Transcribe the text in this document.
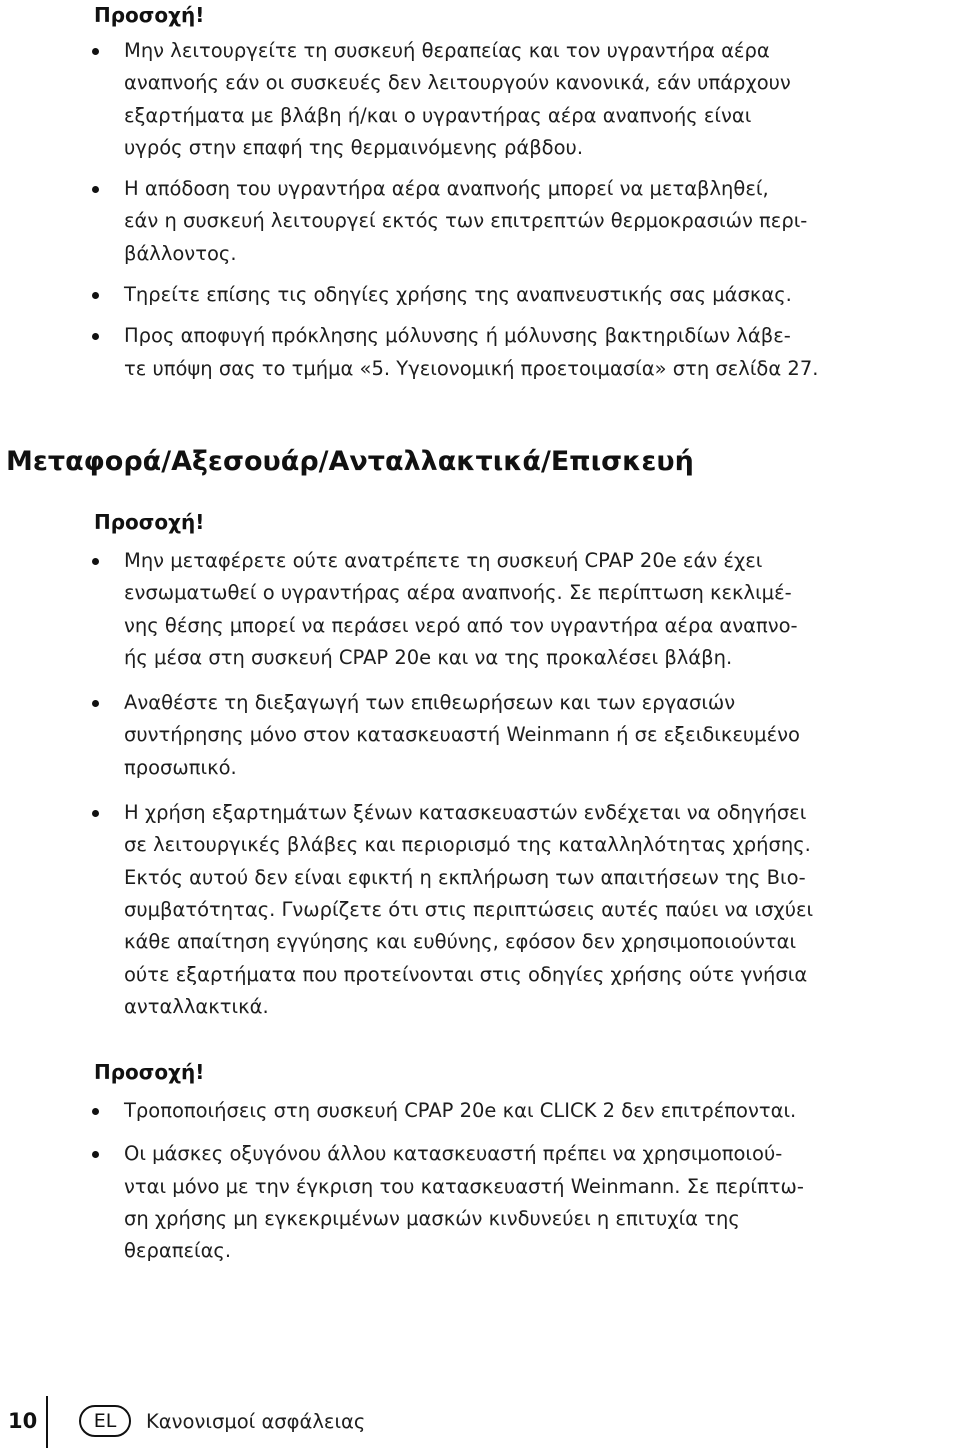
Προσοχή!
Μην λειτουργείτε τη συσκευή θεραπείας και τον υγραντήρα αέρα
αναπνοής εάν οι συσκευές δεν λειτουργούν κανονικά, εάν υπάρχουν
εξαρτήματα με βλάβη ή/και ο υγραντήρας αέρα αναπνοής είναι
υγρός στην επαφή της θερμαινόμενης ράβδου.
Η απόδοση του υγραντήρα αέρα αναπνοής μπορεί να μεταβληθεί,
εάν η συσκευή λειτουργεί εκτός των επιτρεπτών θερμοκρασιών περι-
βάλλοντος.
Τηρείτε επίσης τις οδηγίες χρήσης της αναπνευστικής σας μάσκας.
Προς αποφυγή πρόκλησης μόλυνσης ή μόλυνσης βακτηριδίων λάβε-
τε υπόψη σας το τμήμα «5. Υγειονομική προετοιμασία» στη σελίδα 27.
Μεταφορά/Αξεσουάρ/Ανταλλακτικά/Επισκευή
Προσοχή!
Μην μεταφέρετε ούτε ανατρέπετε τη συσκευή CPAP 20e εάν έχει
ενσωματωθεί ο υγραντήρας αέρα αναπνοής. Σε περίπτωση κεκλιμέ-
νης θέσης μπορεί να περάσει νερό από τον υγραντήρα αέρα αναπνο-
ής μέσα στη συσκευή CPAP 20e και να της προκαλέσει βλάβη.
Αναθέστε τη διεξαγωγή των επιθεωρήσεων και των εργασιών
συντήρησης μόνο στον κατασκευαστή Weinmann ή σε εξειδικευμένο
προσωπικό.
Η χρήση εξαρτημάτων ξένων κατασκευαστών ενδέχεται να οδηγήσει
σε λειτουργικές βλάβες και περιορισμό της καταλληλότητας χρήσης.
Εκτός αυτού δεν είναι εφικτή η εκπλήρωση των απαιτήσεων της Βιο-
συμβατότητας. Γνωρίζετε ότι στις περιπτώσεις αυτές παύει να ισχύει
κάθε απαίτηση εγγύησης και ευθύνης, εφόσον δεν χρησιμοποιούνται
ούτε εξαρτήματα που προτείνονται στις οδηγίες χρήσης ούτε γνήσια
ανταλλακτικά.
Προσοχή!
Τροποποιήσεις στη συσκευή CPAP 20e και CLICK 2 δεν επιτρέπονται.
Οι μάσκες οξυγόνου άλλου κατασκευαστή πρέπει να χρησιμοποιού-
νται μόνο με την έγκριση του κατασκευαστή Weinmann. Σε περίπτω-
ση χρήσης μη εγκεκριμένων μασκών κινδυνεύει η επιτυχία της
θεραπείας.
10	EL	Κανονισμοί ασφάλειας
